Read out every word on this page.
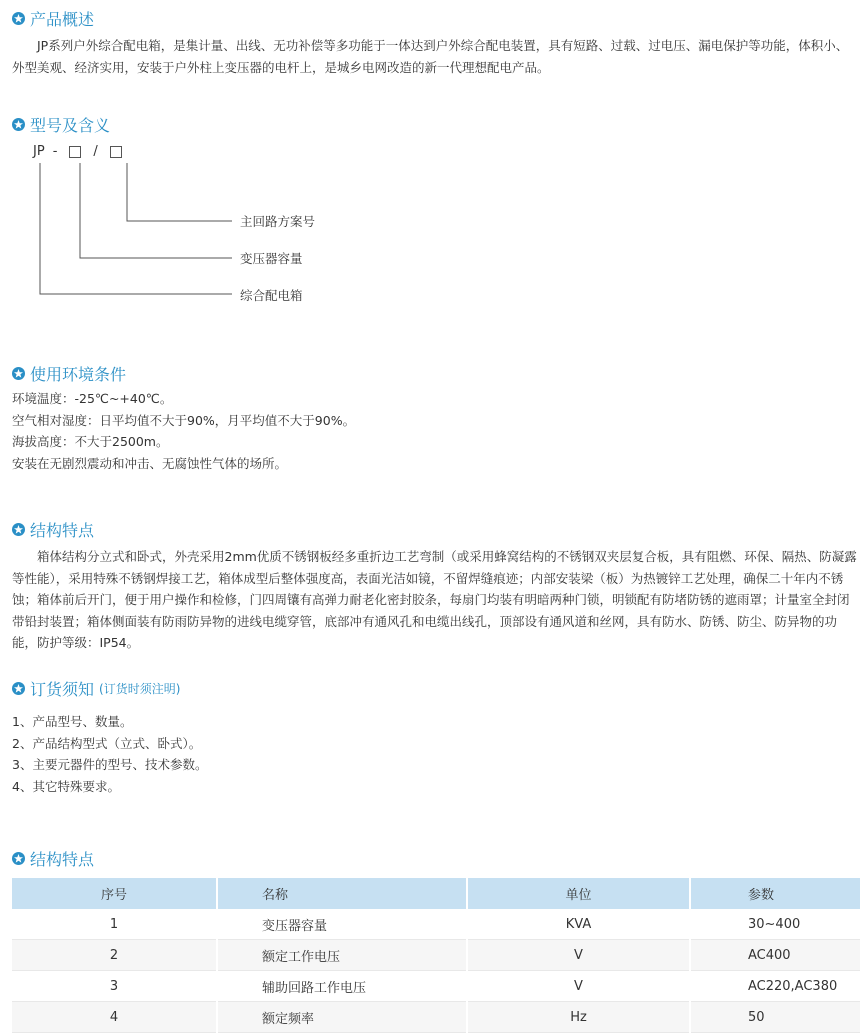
产品概述

JP系列户外综合配电箱，是集计量、出线、无功补偿等多功能于一体达到户外综合配电装置，具有短路、过载、过电压、漏电保护等功能，体积小、外型美观、经济实用，安装于户外柱上变压器的电杆上，是城乡电网改造的新一代理想配电产品。

型号及含义
JP -	/
主回路方案号
变压器容量
综合配电箱
使用环境条件
环境温度：-25℃~+40℃。
空气相对湿度：日平均值不大于90%，月平均值不大于90%。
海拔高度：不大于2500m。
安装在无剧烈震动和冲击、无腐蚀性气体的场所。
结构特点

箱体结构分立式和卧式，外壳采用2mm优质不锈钢板经多重折边工艺弯制（或采用蜂窝结构的不锈钢双夹层复合板，具有阻燃、环保、隔热、防凝露等性能），采用特殊不锈钢焊接工艺，箱体成型后整体强度高，表面光洁如镜，不留焊缝痕迹；内部安装梁（板）为热镀锌工艺处理，确保二十年内不锈蚀；箱体前后开门，便于用户操作和检修，门四周镶有高弹力耐老化密封胶条，每扇门均装有明暗两种门锁，明锁配有防堵防锈的遮雨罩；计量室全封闭带铅封装置；箱体侧面装有防雨防异物的进线电缆穿管，底部冲有通风孔和电缆出线孔，顶部设有通风道和丝网，具有防水、防锈、防尘、防异物的功能，防护等级：IP54。

订货须知 (订货时须注明)
1、产品型号、数量。
2、产品结构型式（立式、卧式）。
3、主要元器件的型号、技术参数。
4、其它特殊要求。
结构特点
序号	名称	单位	参数
1	变压器容量	KVA	30~400
2	额定工作电压	V	AC400
3	辅助回路工作电压	V	AC220,AC380
4	额定频率	Hz	50
